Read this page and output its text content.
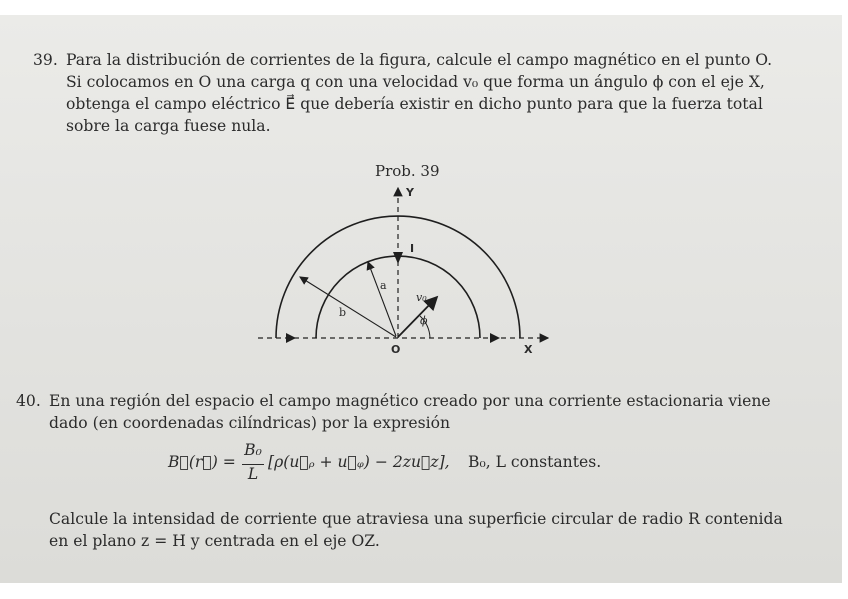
39. Para la distribución de corrientes de la figura, calcule el campo magnético en el punto O.
Si colocamos en O una carga q con una velocidad v₀ que forma un ángulo ϕ con el eje X,
obtenga el campo eléctrico E⃗ que debería existir en dicho punto para que la fuerza total
sobre la carga fuese nula.
Prob. 39
Y
X
O
I
a
b
v₀
ϕ
40. En una región del espacio el campo magnético creado por una corriente estacionaria viene
dado (en coordenadas cilíndricas) por la expresión
B⃗(r⃗) =
B₀
L
[ρ(u⃗ᵨ + u⃗ᵩ) − 2zu⃗z], B₀, L constantes.
Calcule la intensidad de corriente que atraviesa una superficie circular de radio R contenida
en el plano z = H y centrada en el eje OZ.
